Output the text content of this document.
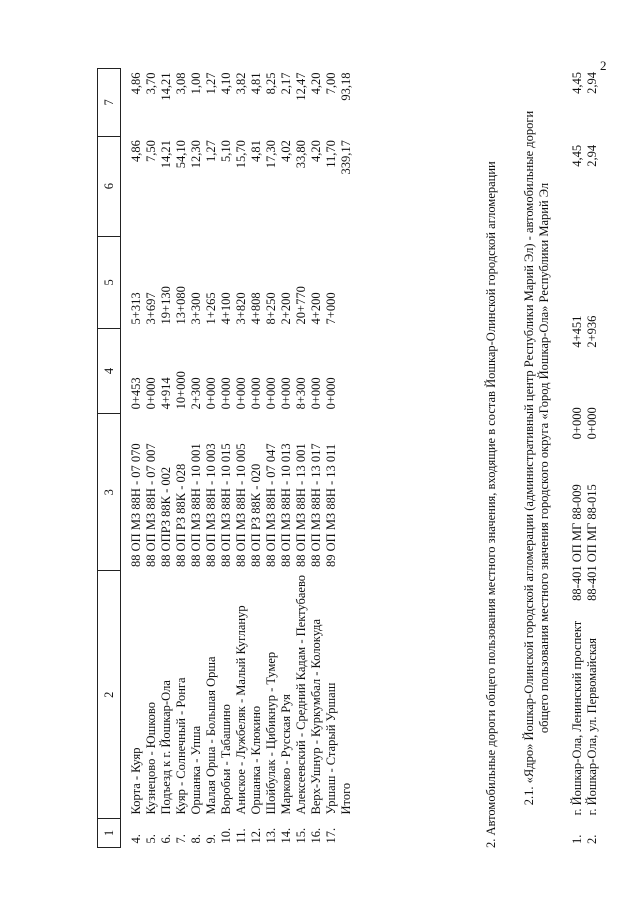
2
1	2	3	4	5	6	7

4.	Корта - Куяр	88 ОП МЗ 88Н - 07 070	0+453	5+313	4,86	4,86
5.	Кузнецово - Юшково	88 ОП МЗ 88Н - 07 007	0+000	3+697	7,50	3,70
6.	Подъезд к г. Йошкар-Ола	88 ОПРЗ 88К - 002	4+914	19+130	14,21	14,21
7.	Куяр - Солнечный - Ронга	88 ОП РЗ 88К - 028	10+000	13+080	54,10	3,08
8.	Оршанка - Упша	88 ОП МЗ 88Н - 10 001	2+300	3+300	12,30	1,00
9.	Малая Орша - Большая Орша	88 ОП МЗ 88Н - 10 003	0+000	1+265	1,27	1,27
10.	Воробьи - Табашино	88 ОП МЗ 88Н - 10 015	0+000	4+100	5,10	4,10
11.	Аниское - Лужбеляк - Малый Кугланур	88 ОП МЗ 88Н - 10 005	0+000	3+820	15,70	3,82
12.	Оршанка - Клюкино	88 ОП РЗ 88К - 020	0+000	4+808	4,81	4,81
13.	Шойбулак - Цибикнур - Тумер	88 ОП МЗ 88Н - 07 047	0+000	8+250	17,30	8,25
14.	Марково - Русская Руя	88 ОП МЗ 88Н - 10 013	0+000	2+200	4,02	2,17
15.	Алексеевский - Средний Кадам - Пектубаево	88 ОП МЗ 88Н - 13 001	8+300	20+770	33,80	12,47
16.	Верх-Ушнур - Куркумбал - Колокуда	88 ОП МЗ 88Н - 13 017	0+000	4+200	4,20	4,20
17.	Уршаш - Старый Уршаш	89 ОП МЗ 88Н - 13 011	0+000	7+000	11,70	7,00
	Итого				339,17	93,18
2. Автомобильные дороги общего пользования местного значения, входящие в состав Йошкар-Олинской городской агломерации 2.1. «Ядро» Йошкар-Олинской городской агломерации (административный центр Республики Марий Эл) - автомобильные дороги общего пользования местного значения городского округа «Город Йошкар-Ола» Республики Марий Эл
1.	г. Йошкар-Ола, Ленинский проспект	88-401 ОП МГ 88-009	0+000	4+451	4,45	4,45
2.	г. Йошкар-Ола, ул. Первомайская	88-401 ОП МГ 88-015	0+000	2+936	2,94	2,94
